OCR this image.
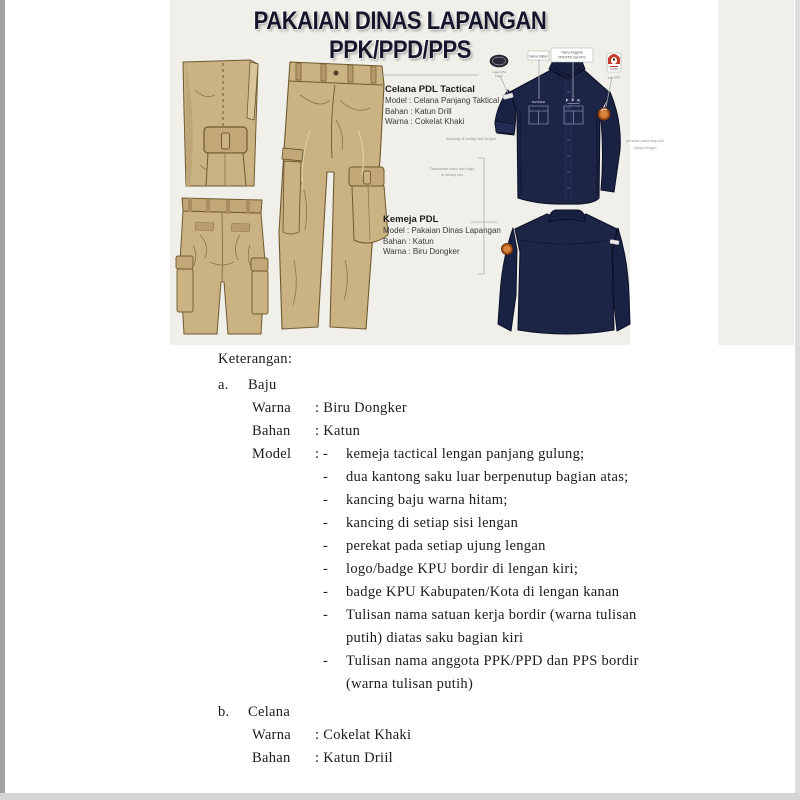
PAKAIAN DINAS LAPANGAN PPK/PPD/PPS
SATKER	P P K
Logo KPU
bordir
Nama Satker
Nama Anggota
PPK/PPD dan PPS
logo KPU
Kancing di setiap sisi lengan
Tambahan saku dari baju
di setiap sisi
perekat pada tiap sisi
ujung lengan
Celana PDL Tactical
Model : Celana Panjang Taktical
Bahan : Katun Drill
Warna : Cokelat Khaki
Kemeja PDL
Model : Pakaian Dinas Lapangan
Bahan : Katun
Warna : Biru Dongker
Keterangan:
a.	Baju
Warna	: Biru Dongker
Bahan	: Katun
Model	: -	kemeja tactical lengan panjang gulung;
-	dua kantong saku luar berpenutup bagian atas;
-	kancing baju warna hitam;
-	kancing di setiap sisi lengan
-	perekat pada setiap ujung lengan
-	logo/badge KPU bordir di lengan kiri;
-	badge KPU Kabupaten/Kota di lengan kanan
-	Tulisan nama satuan kerja bordir (warna tulisan putih) diatas saku bagian kiri
-	Tulisan nama anggota PPK/PPD dan PPS bordir (warna tulisan putih)
b.	Celana
Warna	: Cokelat Khaki
Bahan	: Katun Driil
